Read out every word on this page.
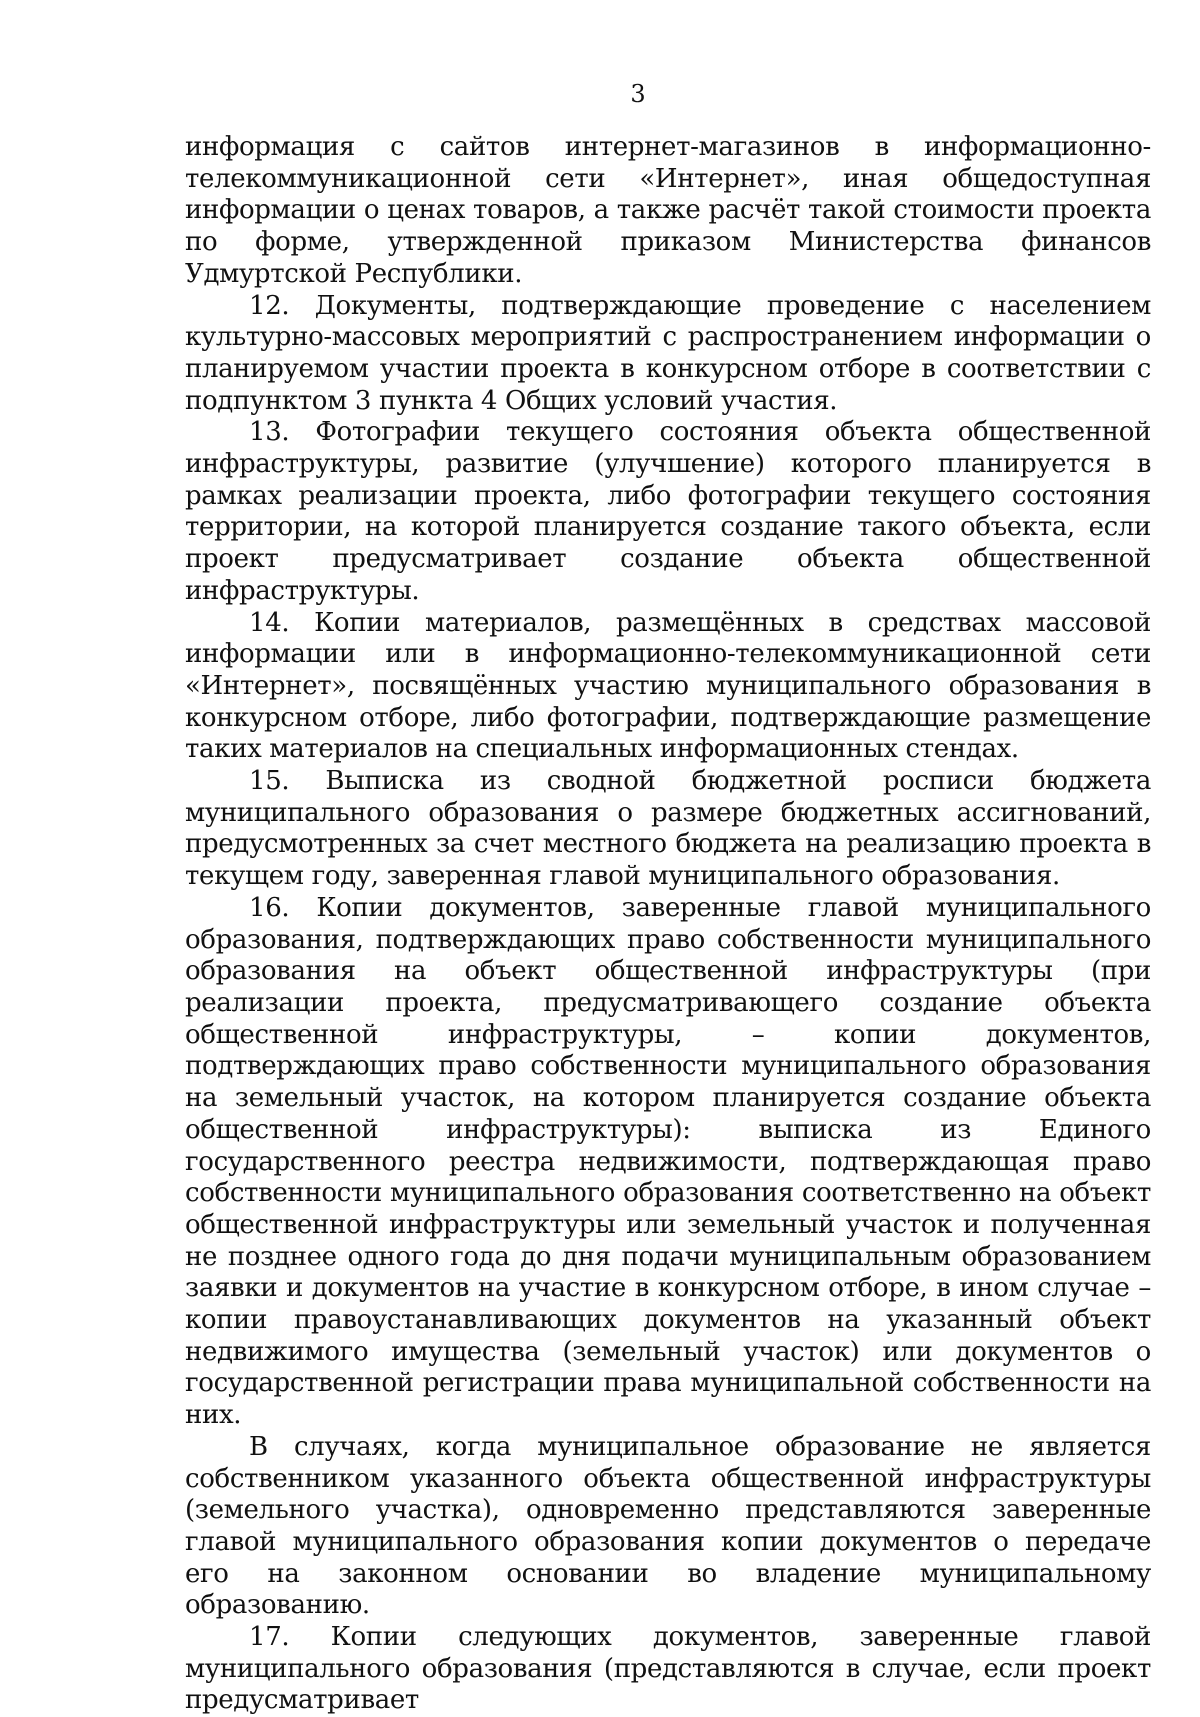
3

информация с сайтов интернет-магазинов в информационно-телекоммуникационной сети «Интернет», иная общедоступная информации о ценах товаров, а также расчёт такой стоимости проекта по форме, утвержденной приказом Министерства финансов Удмуртской Республики.

12. Документы, подтверждающие проведение с населением культурно-массовых мероприятий с распространением информации о планируемом участии проекта в конкурсном отборе в соответствии с подпунктом 3 пункта 4 Общих условий участия.

13. Фотографии текущего состояния объекта общественной инфраструктуры, развитие (улучшение) которого планируется в рамках реализации проекта, либо фотографии текущего состояния территории, на которой планируется создание такого объекта, если проект предусматривает создание объекта общественной инфраструктуры.

14. Копии материалов, размещённых в средствах массовой информации или в информационно-телекоммуникационной сети «Интернет», посвящённых участию муниципального образования в конкурсном отборе, либо фотографии, подтверждающие размещение таких материалов на специальных информационных стендах.

15. Выписка из сводной бюджетной росписи бюджета муниципального образования о размере бюджетных ассигнований, предусмотренных за счет местного бюджета на реализацию проекта в текущем году, заверенная главой муниципального образования.

16. Копии документов, заверенные главой муниципального образования, подтверждающих право собственности муниципального образования на объект общественной инфраструктуры (при реализации проекта, предусматривающего создание объекта общественной инфраструктуры, – копии документов, подтверждающих право собственности муниципального образования на земельный участок, на котором планируется создание объекта общественной инфраструктуры): выписка из Единого государственного реестра недвижимости, подтверждающая право собственности муниципального образования соответственно на объект общественной инфраструктуры или земельный участок и полученная не позднее одного года до дня подачи муниципальным образованием заявки и документов на участие в конкурсном отборе, в ином случае – копии правоустанавливающих документов на указанный объект недвижимого имущества (земельный участок) или документов о государственной регистрации права муниципальной собственности на них.

В случаях, когда муниципальное образование не является собственником указанного объекта общественной инфраструктуры (земельного участка), одновременно представляются заверенные главой муниципального образования копии документов о передаче его на законном основании во владение муниципальному образованию.

17. Копии следующих документов, заверенные главой муниципального образования (представляются в случае, если проект предусматривает
